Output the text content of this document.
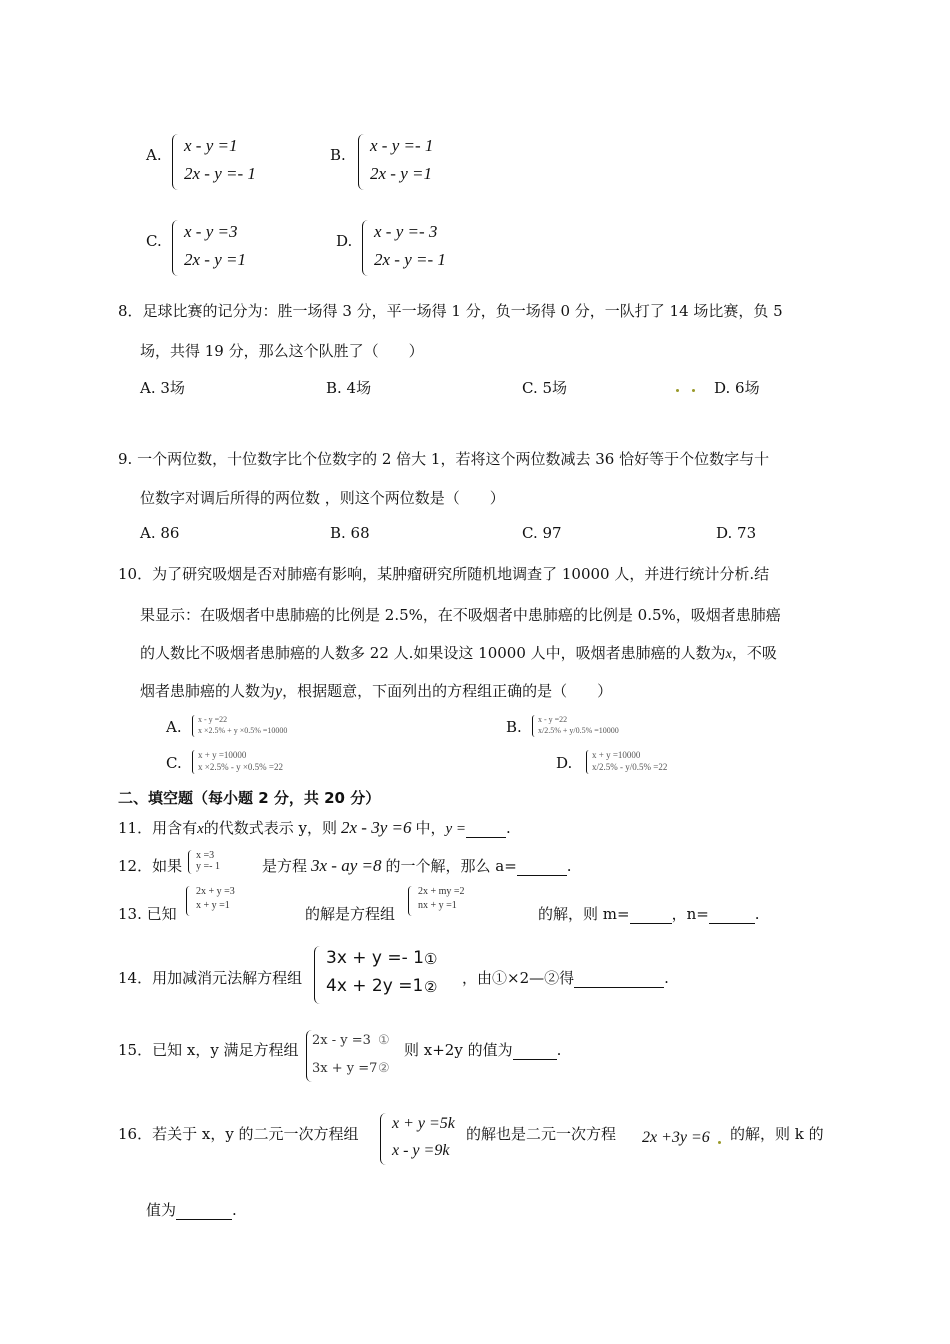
A. x - y =1
2x - y =- 1
B. x - y =- 1
2x - y =1
C. x - y =3
2x - y =1
D. x - y =- 3
2x - y =- 1
8．足球比赛的记分为：胜一场得 3 分，平一场得 1 分，负一场得 0 分，一队打了 14 场比赛，负 5
场，共得 19 分，那么这个队胜了（　　）
A. 3场	B. 4场	C. 5场	D. 6场
9. 一个两位数，十位数字比个位数字的 2 倍大 1，若将这个两位数减去 36 恰好等于个位数字与十
位数字对调后所得的两位数 ，则这个两位数是（　　）
A. 86	B. 68	C. 97	D. 73
10．为了研究吸烟是否对肺癌有影响，某肿瘤研究所随机地调查了 10000 人，并进行统计分析.结
果显示：在吸烟者中患肺癌的比例是 2.5%，在不吸烟者中患肺癌的比例是 0.5%，吸烟者患肺癌
的人数比不吸烟者患肺癌的人数多 22 人.如果设这 10000 人中，吸烟者患肺癌的人数为x，不吸
烟者患肺癌的人数为y，根据题意，下面列出的方程组正确的是（　　）
A. x - y =22
x ×2.5% + y ×0.5% =10000	B. x - y =22
x/2.5% + y/0.5% =10000
C. x + y =10000
x ×2.5% - y ×0.5% =22	D. x + y =10000
x/2.5% - y/0.5% =22
二、填空题（每小题 2 分，共 20 分）
11．用含有x的代数式表示 y，则 2x - 3y =6 中，y =	.
12．如果
x =3
y =- 1	是方程 3x - ay =8 的一个解，那么 a=	.
13. 已知
2x + y =3
x + y =1	的解是方程组
2x + my =2
nx + y =1	的解，则 m=	，n=	.
14．用加减消元法解方程组
3x + y =- 1
4x + 2y =1
①
② ，由①×2—②得	.
15．已知 x，y 满足方程组
2x - y =3
3x + y =7
①
②
则 x+2y 的值为	.
16．若关于 x，y 的二元一次方程组
x + y =5k
x - y =9k
的解也是二元一次方程 2x +3y =6 的解，则 k 的
值为	.
